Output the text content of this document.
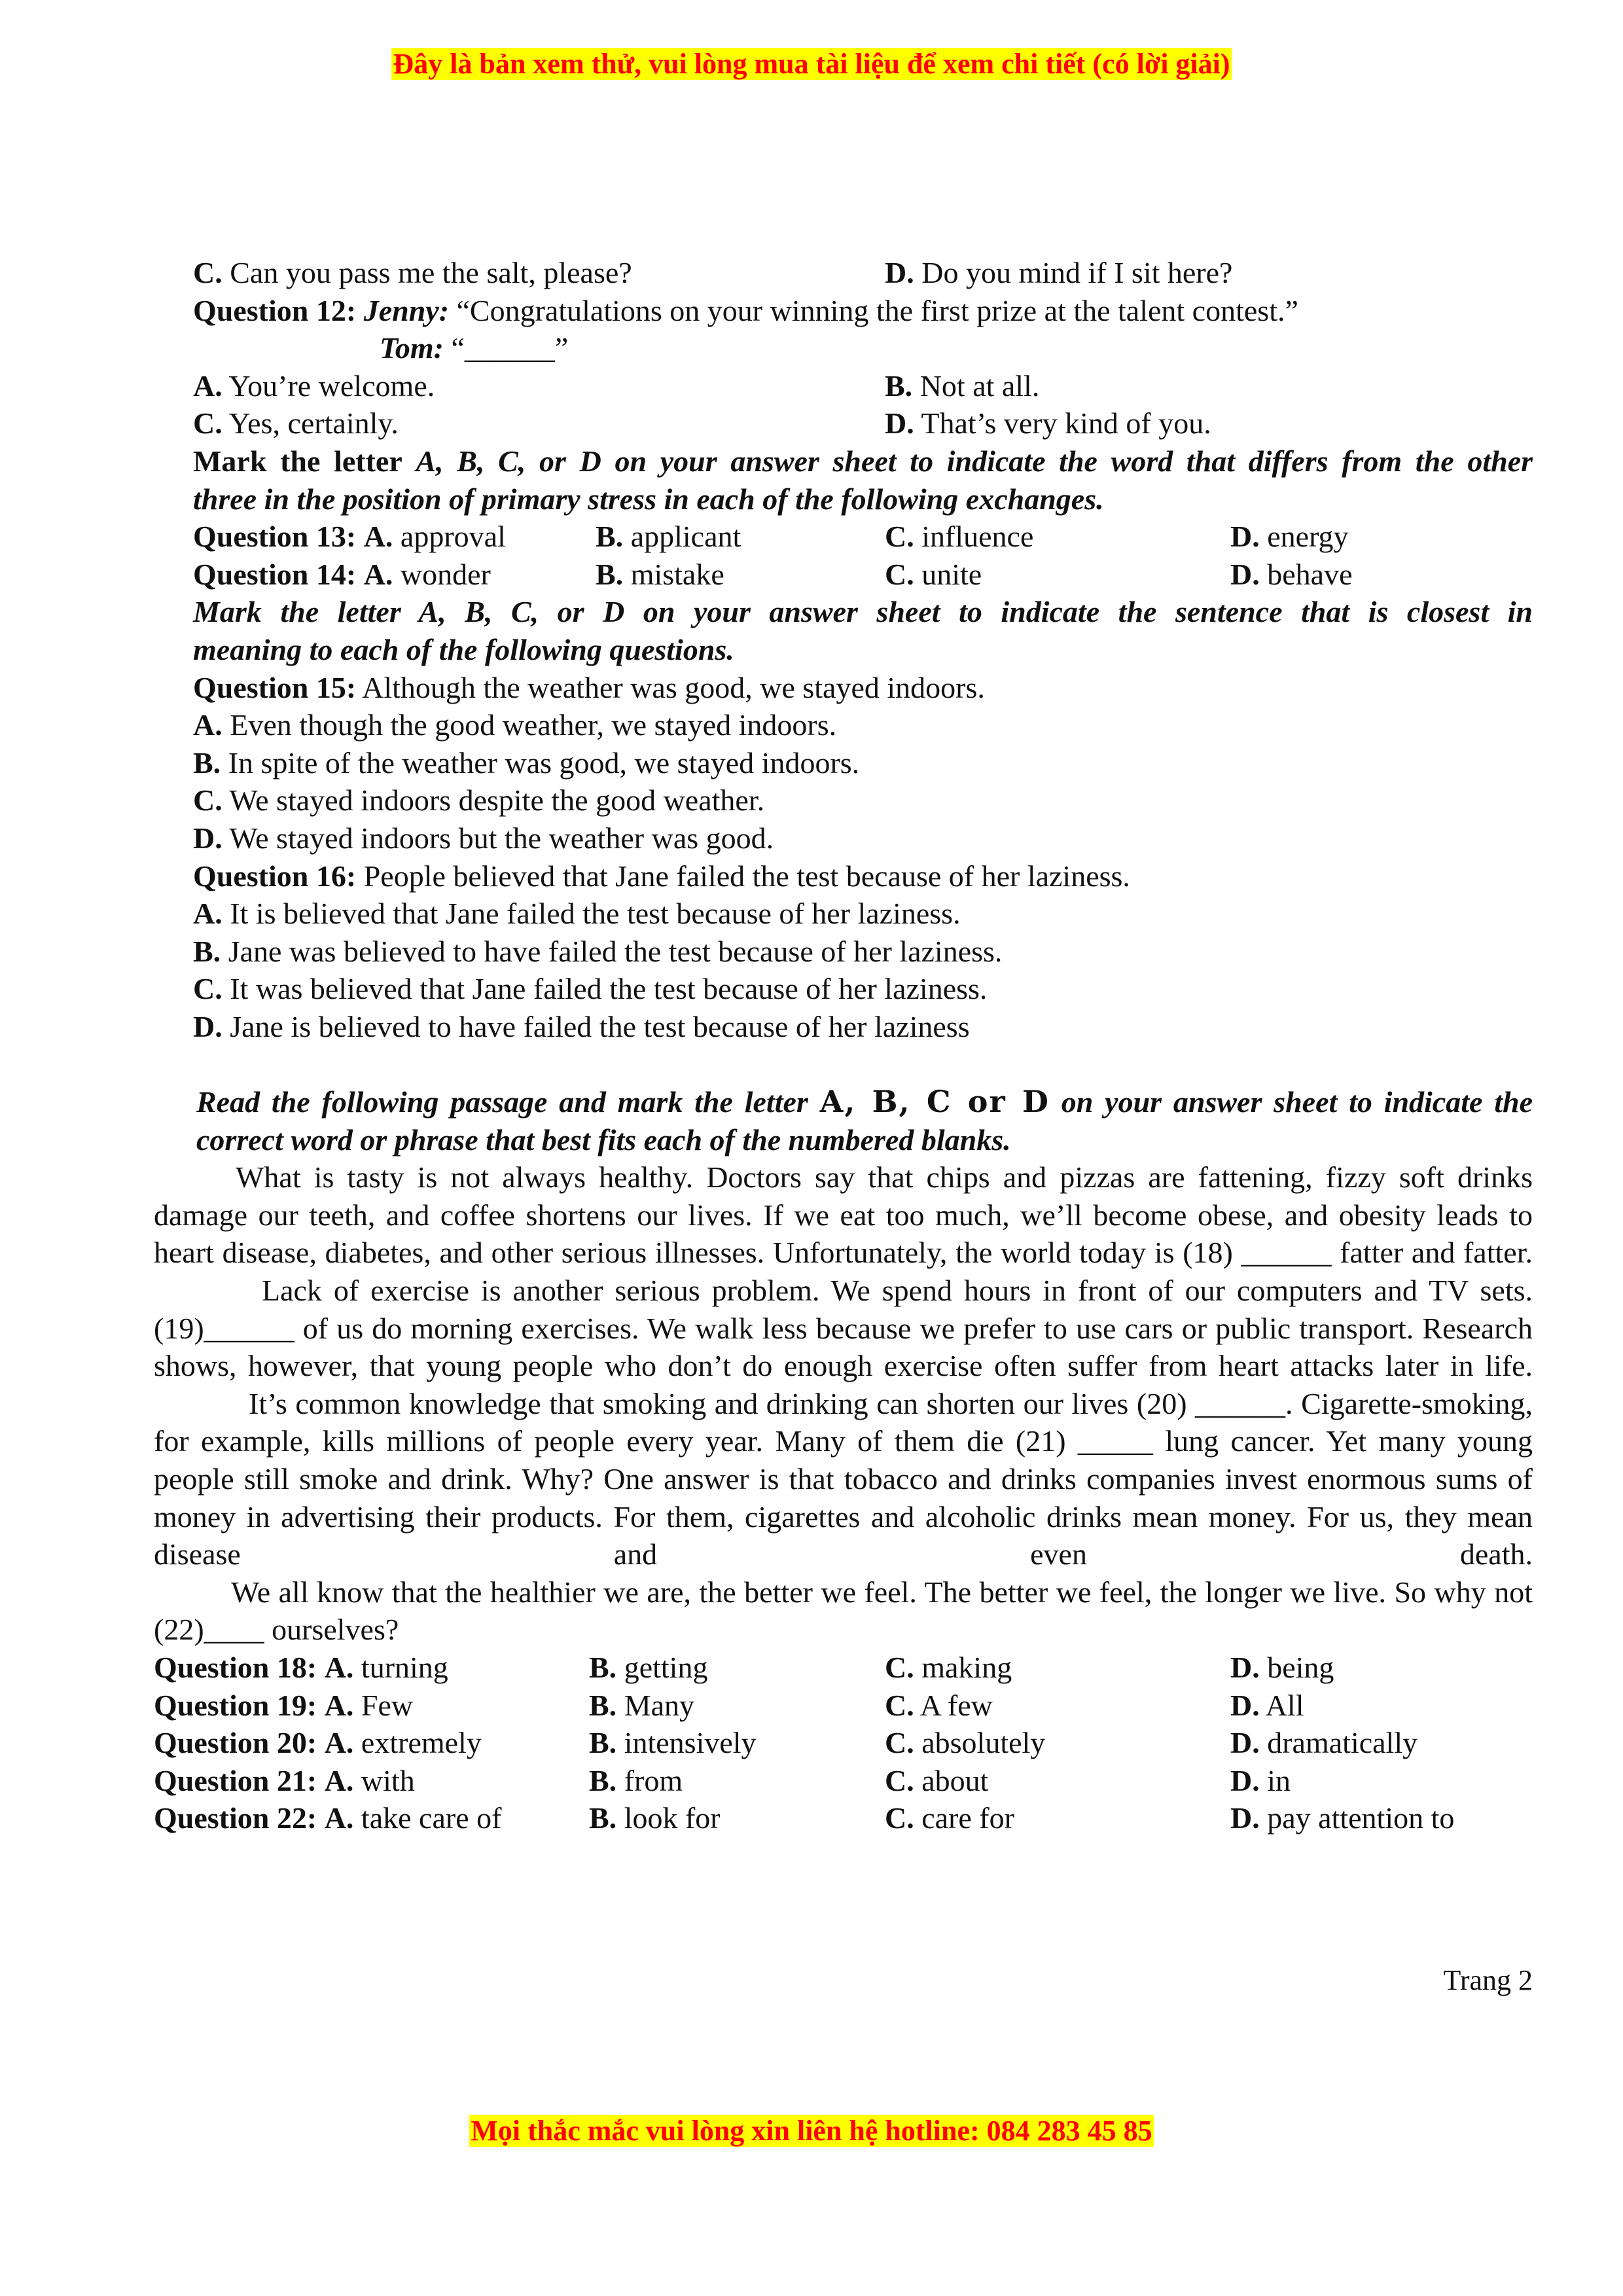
Đây là bản xem thử, vui lòng mua tài liệu để xem chi tiết (có lời giải)
C. Can you pass me the salt, please?	D. Do you mind if I sit here?
Question 12: Jenny: “Congratulations on your winning the first prize at the talent contest.”
Tom: “______”
A. You’re welcome.	B. Not at all.
C. Yes, certainly.	D. That’s very kind of you.
Mark the letter A, B, C, or D on your answer sheet to indicate the word that differs from the other
three in the position of primary stress in each of the following exchanges.
Question 13: A. approval	B. applicant	C. influence	D. energy
Question 14: A. wonder	B. mistake	C. unite	D. behave
Mark the letter A, B, C, or D on your answer sheet to indicate the sentence that is closest in
meaning to each of the following questions.
Question 15: Although the weather was good, we stayed indoors.
A. Even though the good weather, we stayed indoors.
B. In spite of the weather was good, we stayed indoors.
C. We stayed indoors despite the good weather.
D. We stayed indoors but the weather was good.
Question 16: People believed that Jane failed the test because of her laziness.
A. It is believed that Jane failed the test because of her laziness.
B. Jane was believed to have failed the test because of her laziness.
C. It was believed that Jane failed the test because of her laziness.
D. Jane is believed to have failed the test because of her laziness
Read the following passage and mark the letter A, B, C or D on your answer sheet to indicate the
correct word or phrase that best fits each of the numbered blanks.
What is tasty is not always healthy. Doctors say that chips and pizzas are fattening, fizzy soft drinks damage our teeth, and coffee shortens our lives. If we eat too much, we’ll become obese, and obesity leads to heart disease, diabetes, and other serious illnesses. Unfortunately, the world today is (18) ______ fatter and fatter.
Lack of exercise is another serious problem. We spend hours in front of our computers and TV sets. (19)______ of us do morning exercises. We walk less because we prefer to use cars or public transport. Research shows, however, that young people who don’t do enough exercise often suffer from heart attacks later in life.
It’s common knowledge that smoking and drinking can shorten our lives (20) ______. Cigarette-smoking, for example, kills millions of people every year. Many of them die (21) _____ lung cancer. Yet many young people still smoke and drink. Why? One answer is that tobacco and drinks companies invest enormous sums of money in advertising their products. For them, cigarettes and alcoholic drinks mean money. For us, they mean disease and even death.
We all know that the healthier we are, the better we feel. The better we feel, the longer we live. So why not (22)____ ourselves?
Question 18: A. turning	B. getting	C. making	D. being
Question 19: A. Few	B. Many	C. A few	D. All
Question 20: A. extremely	B. intensively	C. absolutely	D. dramatically
Question 21: A. with	B. from	C. about	D. in
Question 22: A. take care of	B. look for	C. care for	D. pay attention to
Trang 2
Mọi thắc mắc vui lòng xin liên hệ hotline: 084 283 45 85
